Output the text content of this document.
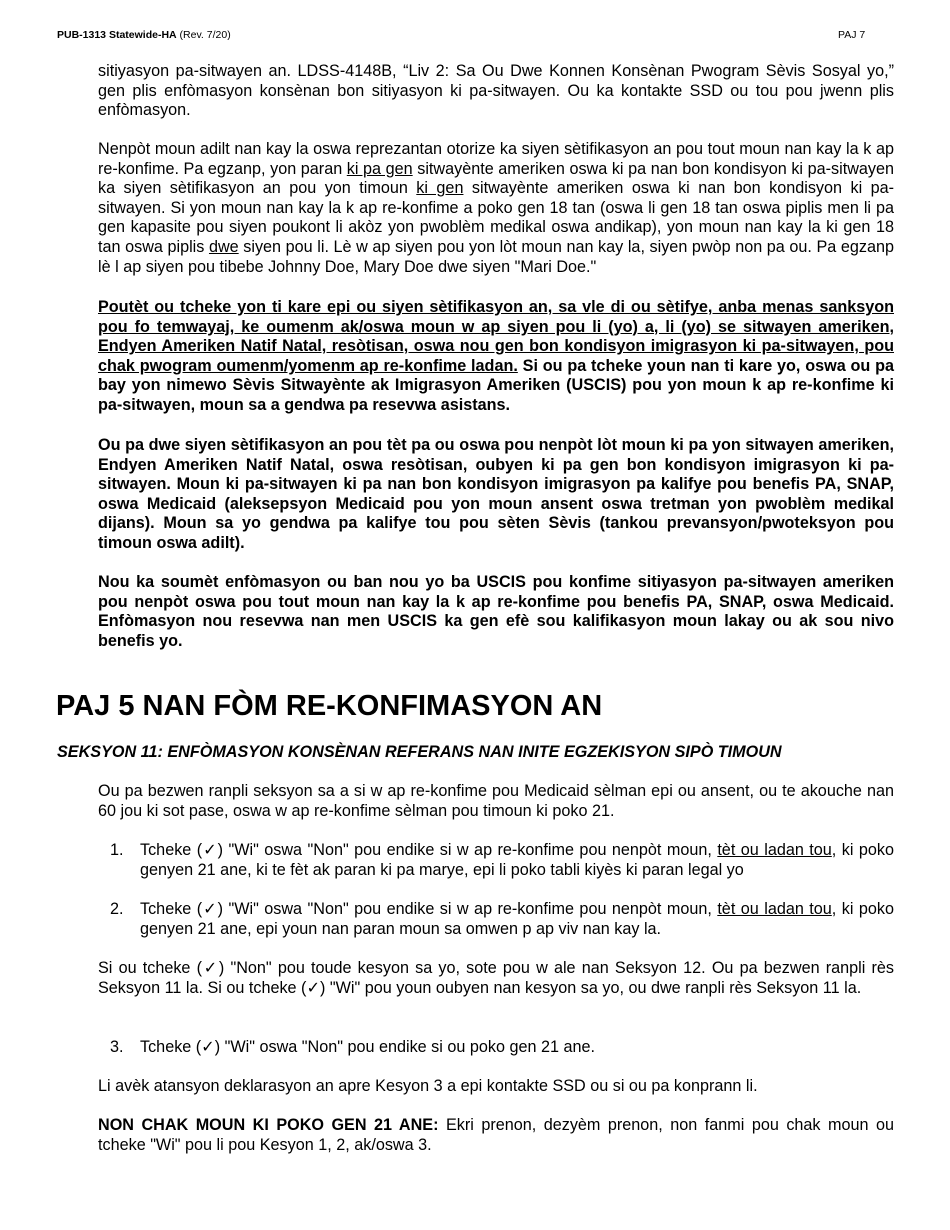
PUB-1313 Statewide-HA (Rev. 7/20)	PAJ 7

sitiyasyon pa-sitwayen an. LDSS-4148B, “Liv 2: Sa Ou Dwe Konnen Konsènan Pwogram Sèvis Sosyal yo,” gen plis enfòmasyon konsènan bon sitiyasyon ki pa-sitwayen. Ou ka kontakte SSD ou tou pou jwenn plis enfòmasyon.

Nenpòt moun adilt nan kay la oswa reprezantan otorize ka siyen sètifikasyon an pou tout moun nan kay la k ap re-konfime. Pa egzanp, yon paran ki pa gen sitwayènte ameriken oswa ki pa nan bon kondisyon ki pa-sitwayen ka siyen sètifikasyon an pou yon timoun ki gen sitwayènte ameriken oswa ki nan bon kondisyon ki pa-sitwayen. Si yon moun nan kay la k ap re-konfime a poko gen 18 tan (oswa li gen 18 tan oswa piplis men li pa gen kapasite pou siyen poukont li akòz yon pwoblèm medikal oswa andikap), yon moun nan kay la ki gen 18 tan oswa piplis dwe siyen pou li. Lè w ap siyen pou yon lòt moun nan kay la, siyen pwòp non pa ou. Pa egzanp lè l ap siyen pou tibebe Johnny Doe, Mary Doe dwe siyen "Mari Doe."

Poutèt ou tcheke yon ti kare epi ou siyen sètifikasyon an, sa vle di ou sètifye, anba menas sanksyon pou fo temwayaj, ke oumenm ak/oswa moun w ap siyen pou li (yo) a, li (yo) se sitwayen ameriken, Endyen Ameriken Natif Natal, resòtisan, oswa nou gen bon kondisyon imigrasyon ki pa-sitwayen, pou chak pwogram oumenm/yomenm ap re-konfime ladan. Si ou pa tcheke youn nan ti kare yo, oswa ou pa bay yon nimewo Sèvis Sitwayènte ak Imigrasyon Ameriken (USCIS) pou yon moun k ap re-konfime ki pa-sitwayen, moun sa a gendwa pa resevwa asistans.

Ou pa dwe siyen sètifikasyon an pou tèt pa ou oswa pou nenpòt lòt moun ki pa yon sitwayen ameriken, Endyen Ameriken Natif Natal, oswa resòtisan, oubyen ki pa gen bon kondisyon imigrasyon ki pa-sitwayen. Moun ki pa-sitwayen ki pa nan bon kondisyon imigrasyon pa kalifye pou benefis PA, SNAP, oswa Medicaid (aleksepsyon Medicaid pou yon moun ansent oswa tretman yon pwoblèm medikal dijans). Moun sa yo gendwa pa kalifye tou pou sèten Sèvis (tankou prevansyon/pwoteksyon pou timoun oswa adilt).

Nou ka soumèt enfòmasyon ou ban nou yo ba USCIS pou konfime sitiyasyon pa-sitwayen ameriken pou nenpòt oswa pou tout moun nan kay la k ap re-konfime pou benefis PA, SNAP, oswa Medicaid. Enfòmasyon nou resevwa nan men USCIS ka gen efè sou kalifikasyon moun lakay ou ak sou nivo benefis yo.

PAJ 5 NAN FÒM RE-KONFIMASYON AN
SEKSYON 11: ENFÒMASYON KONSÈNAN REFERANS NAN INITE EGZEKISYON SIPÒ TIMOUN

Ou pa bezwen ranpli seksyon sa a si w ap re-konfime pou Medicaid sèlman epi ou ansent, ou te akouche nan 60 jou ki sot pase, oswa w ap re-konfime sèlman pou timoun ki poko 21.

1. Tcheke (✓) "Wi" oswa "Non" pou endike si w ap re-konfime pou nenpòt moun, tèt ou ladan tou, ki poko genyen 21 ane, ki te fèt ak paran ki pa marye, epi li poko tabli kiyès ki paran legal yo
2. Tcheke (✓) "Wi" oswa "Non" pou endike si w ap re-konfime pou nenpòt moun, tèt ou ladan tou, ki poko genyen 21 ane, epi youn nan paran moun sa omwen p ap viv nan kay la.

Si ou tcheke (✓) "Non" pou toude kesyon sa yo, sote pou w ale nan Seksyon 12. Ou pa bezwen ranpli rès Seksyon 11 la. Si ou tcheke (✓) "Wi" pou youn oubyen nan kesyon sa yo, ou dwe ranpli rès Seksyon 11 la.

3. Tcheke (✓) "Wi" oswa "Non" pou endike si ou poko gen 21 ane.

Li avèk atansyon deklarasyon an apre Kesyon 3 a epi kontakte SSD ou si ou pa konprann li.

NON CHAK MOUN KI POKO GEN 21 ANE: Ekri prenon, dezyèm prenon, non fanmi pou chak moun ou tcheke "Wi" pou li pou Kesyon 1, 2, ak/oswa 3.
